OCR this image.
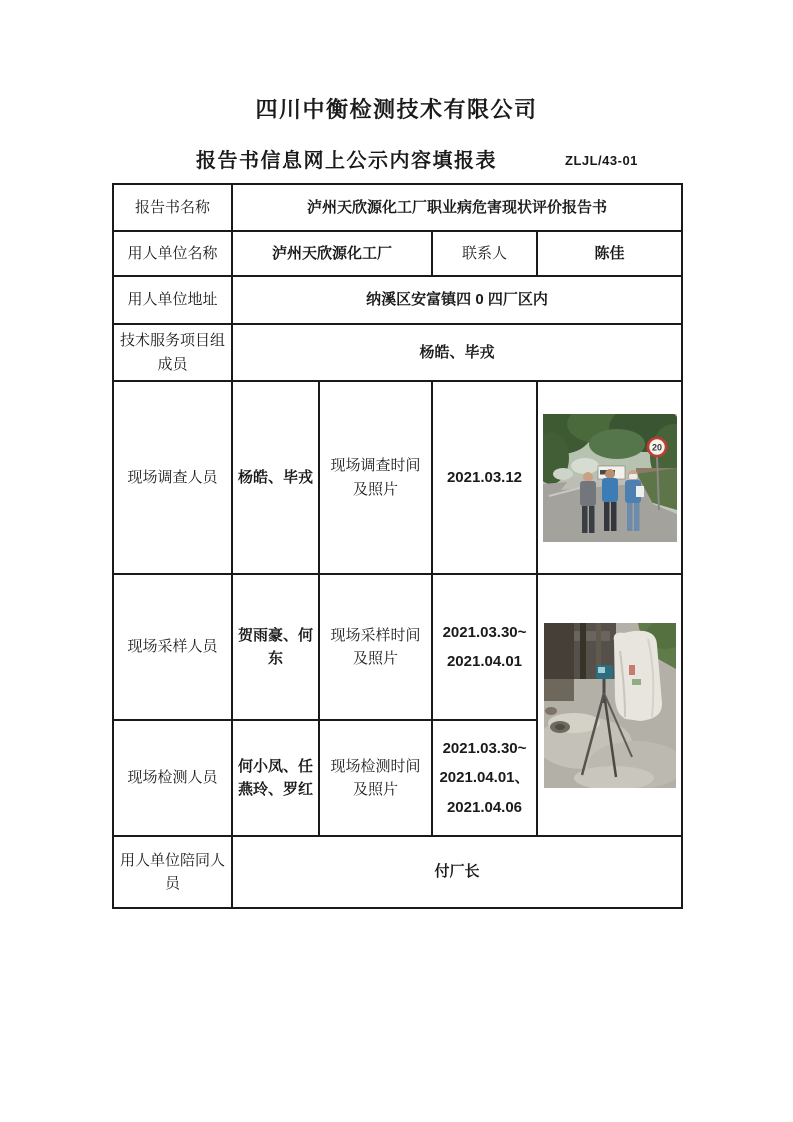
四川中衡检测技术有限公司
报告书信息网上公示内容填报表	ZLJL/43-01
报告书名称	泸州天欣源化工厂职业病危害现状评价报告书			
用人单位名称	泸州天欣源化工厂		联系人	陈佳
用人单位地址	纳溪区安富镇四 0 四厂区内			
技术服务项目组成员	杨皓、毕戎			
现场调查人员	杨皓、毕戎	现场调查时间及照片	2021.03.12	20

现场采样人员	贺雨豪、何东	现场采样时间及照片	2021.03.30~
2021.04.01

现场检测人员	何小凤、任燕玲、罗红	现场检测时间及照片	2021.03.30~
2021.04.01、
2021.04.06	

用人单位陪同人员	付厂长			
